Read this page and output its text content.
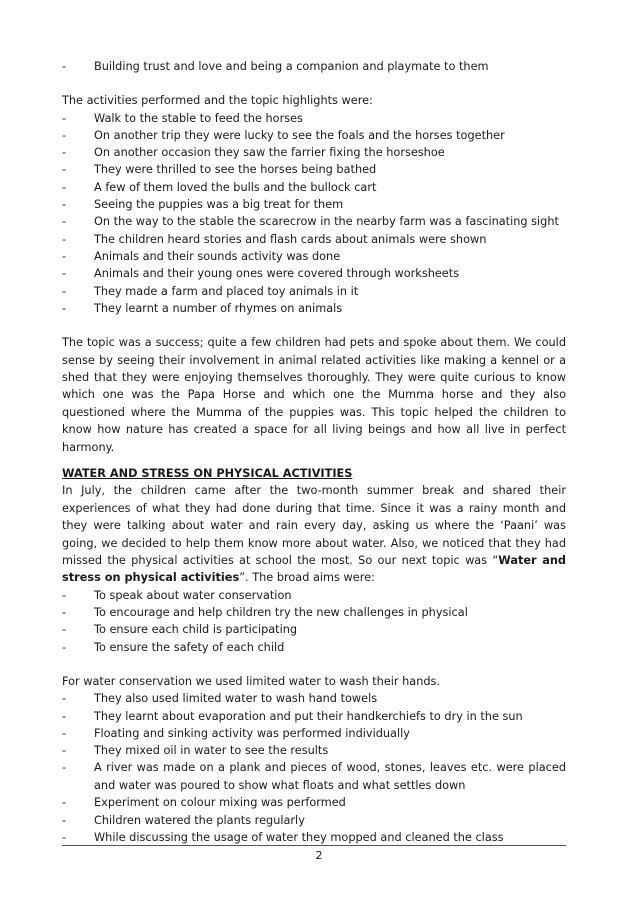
-	Building trust and love and being a companion and playmate to them
The activities performed and the topic highlights were:
-	Walk to the stable to feed the horses
-	On another trip they were lucky to see the foals and the horses together
-	On another occasion they saw the farrier fixing the horseshoe
-	They were thrilled to see the horses being bathed
-	A few of them loved the bulls and the bullock cart
-	Seeing the puppies was a big treat for them
-	On the way to the stable the scarecrow in the nearby farm was a fascinating sight
-	The children heard stories and flash cards about animals were shown
-	Animals and their sounds activity was done
-	Animals and their young ones were covered through worksheets
-	They made a farm and placed toy animals in it
-	They learnt a number of rhymes on animals
The topic was a success; quite a few children had pets and spoke about them. We could sense by seeing their involvement in animal related activities like making a kennel or a shed that they were enjoying themselves thoroughly. They were quite curious to know which one was the Papa Horse and which one the Mumma horse and they also questioned where the Mumma of the puppies was. This topic helped the children to know how nature has created a space for all living beings and how all live in perfect harmony.
WATER AND STRESS ON PHYSICAL ACTIVITIES
In July, the children came after the two-month summer break and shared their experiences of what they had done during that time. Since it was a rainy month and they were talking about water and rain every day, asking us where the ‘Paani’ was going, we decided to help them know more about water. Also, we noticed that they had missed the physical activities at school the most. So our next topic was “Water and stress on physical activities”. The broad aims were:
-	To speak about water conservation
-	To encourage and help children try the new challenges in physical
-	To ensure each child is participating
-	To ensure the safety of each child
For water conservation we used limited water to wash their hands.
-	They also used limited water to wash hand towels
-	They learnt about evaporation and put their handkerchiefs to dry in the sun
-	Floating and sinking activity was performed individually
-	They mixed oil in water to see the results
-	A river was made on a plank and pieces of wood, stones, leaves etc. were placed and water was poured to show what floats and what settles down
-	Experiment on colour mixing was performed
-	Children watered the plants regularly
-	While discussing the usage of water they mopped and cleaned the class
2
